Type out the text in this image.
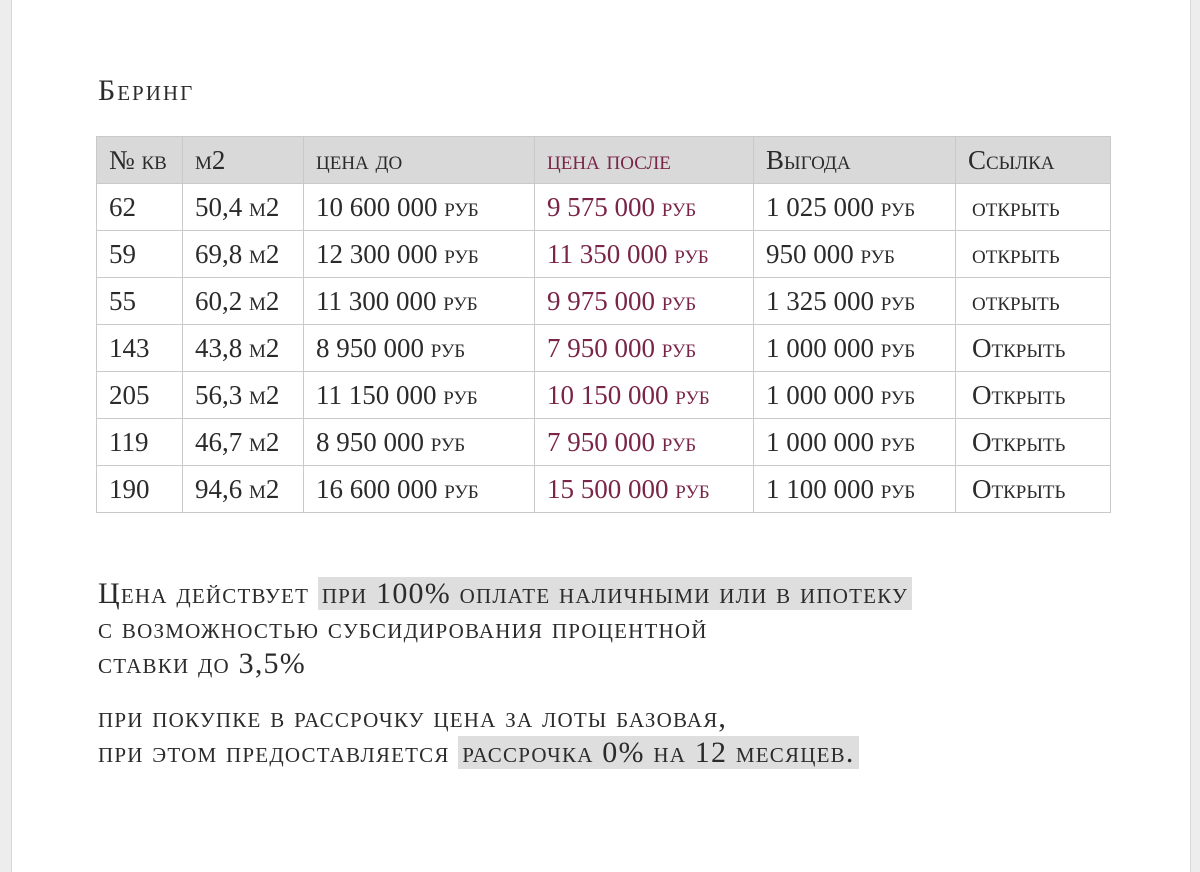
Беринг
№ кв	м2	цена до	цена после	Выгода	Ссылка
62	50,4 м2	10 600 000 руб	9 575 000 руб	1 025 000 руб	открыть
59	69,8 м2	12 300 000 руб	11 350 000 руб	950 000 руб	открыть
55	60,2 м2	11 300 000 руб	9 975 000 руб	1 325 000 руб	открыть
143	43,8 м2	8 950 000 руб	7 950 000 руб	1 000 000 руб	Открыть
205	56,3 м2	11 150 000 руб	10 150 000 руб	1 000 000 руб	Открыть
119	46,7 м2	8 950 000 руб	7 950 000 руб	1 000 000 руб	Открыть
190	94,6 м2	16 600 000 руб	15 500 000 руб	1 100 000 руб	Открыть
Цена действует при 100% оплате наличными или в ипотеку
с возможностью субсидирования процентной
ставки до 3,5%
при покупке в рассрочку цена за лоты базовая,
при этом предоставляется рассрочка 0% на 12 месяцев.
